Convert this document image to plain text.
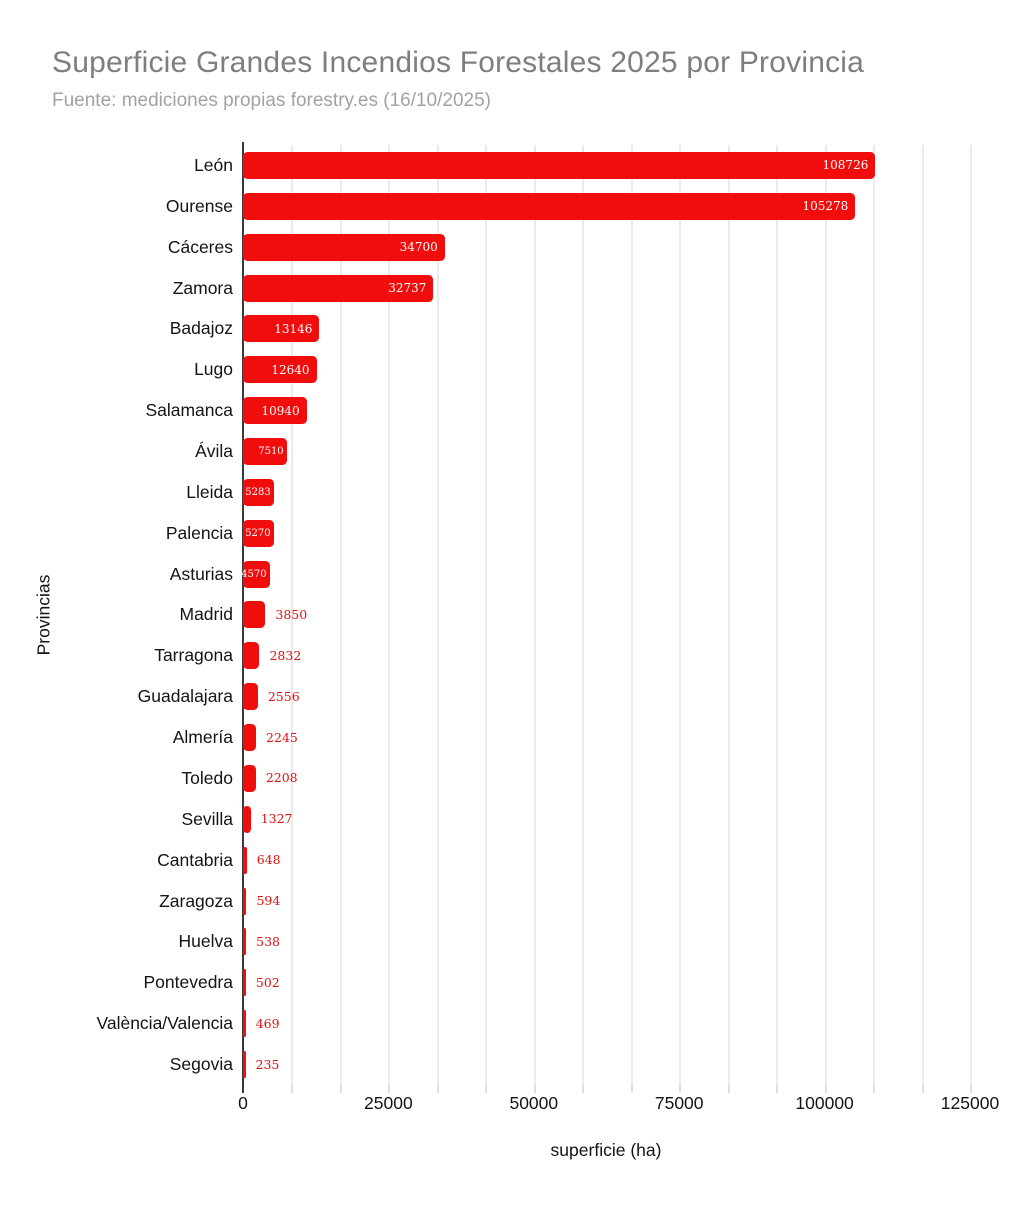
Superficie Grandes Incendios Forestales 2025 por Provincia
Fuente: mediciones propias forestry.es (16/10/2025)
Provincias
León	108726
Ourense	105278
Cáceres	34700
Zamora	32737
Badajoz	13146
Lugo	12640
Salamanca 10940
Ávila	7510
Lleida 5283
Palencia 5270
Asturias 4570
Madrid	3850
Tarragona	2832
Guadalajara	2556
Almería	2245
Toledo	2208
Sevilla 1327
Cantabria 648
Zaragoza 594
Huelva 538
Pontevedra 502
València/Valencia 469
Segovia 235
superficie (ha)
0	25000	50000	75000	100000	125000
